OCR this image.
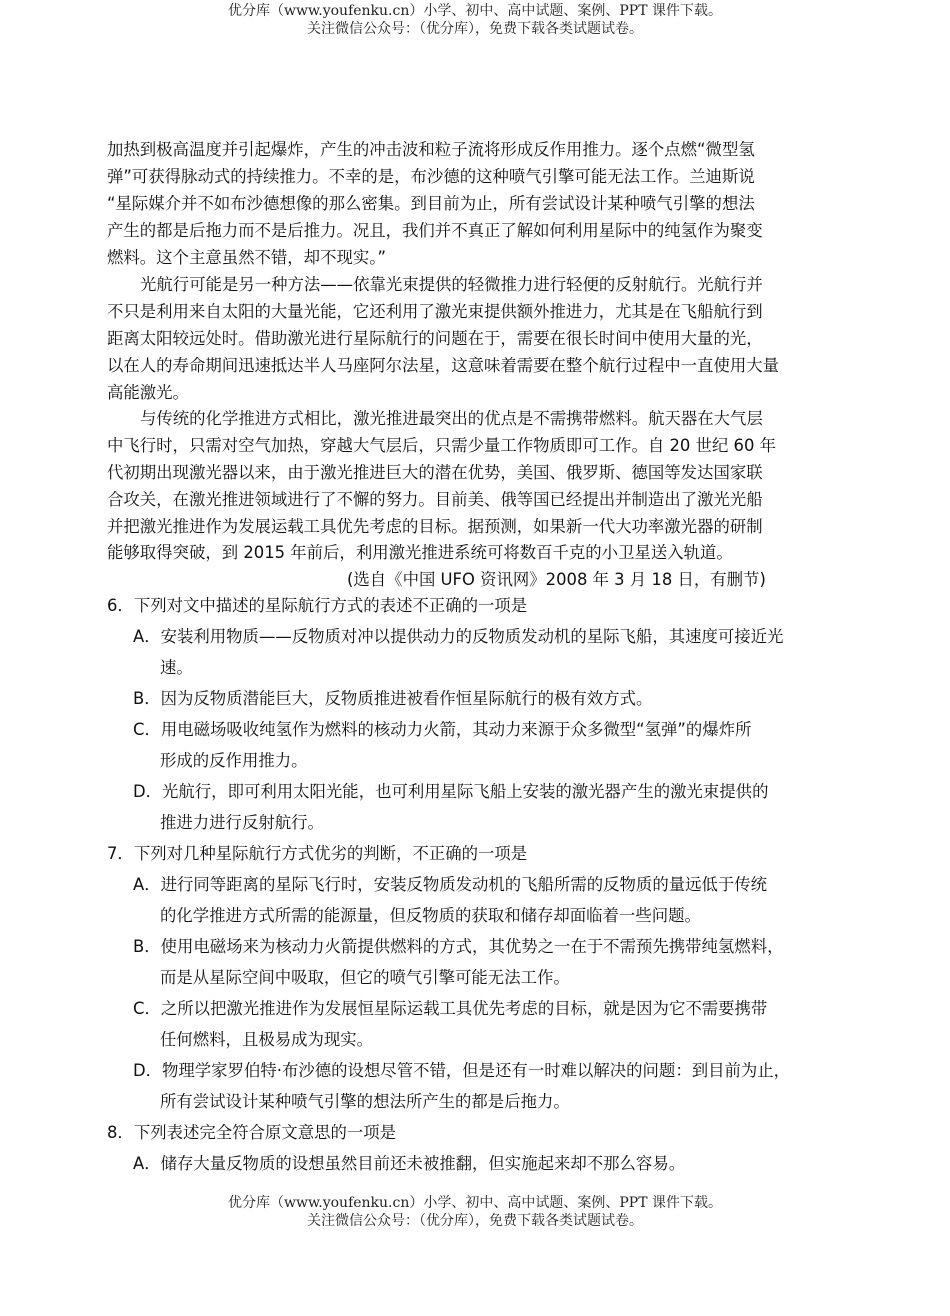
优分库（www.youfenku.cn）小学、初中、高中试题、案例、PPT 课件下载。
关注微信公众号：（优分库），免费下载各类试题试卷。
加热到极高温度并引起爆炸，产生的冲击波和粒子流将形成反作用推力。逐个点燃“微型氢
弹”可获得脉动式的持续推力。不幸的是，布沙德的这种喷气引擎可能无法工作。兰迪斯说
“星际媒介并不如布沙德想像的那么密集。到目前为止，所有尝试设计某种喷气引擎的想法
产生的都是后拖力而不是后推力。况且，我们并不真正了解如何利用星际中的纯氢作为聚变
燃料。这个主意虽然不错，却不现实。”
光航行可能是另一种方法——依靠光束提供的轻微推力进行轻便的反射航行。光航行并
不只是利用来自太阳的大量光能，它还利用了激光束提供额外推进力，尤其是在飞船航行到
距离太阳较远处时。借助激光进行星际航行的问题在于，需要在很长时间中使用大量的光，
以在人的寿命期间迅速抵达半人马座阿尔法星，这意味着需要在整个航行过程中一直使用大量
高能激光。
与传统的化学推进方式相比，激光推进最突出的优点是不需携带燃料。航天器在大气层
中飞行时，只需对空气加热，穿越大气层后，只需少量工作物质即可工作。自 20 世纪 60 年
代初期出现激光器以来，由于激光推进巨大的潜在优势，美国、俄罗斯、德国等发达国家联
合攻关，在激光推进领域进行了不懈的努力。目前美、俄等国已经提出并制造出了激光光船
并把激光推进作为发展运载工具优先考虑的目标。据预测，如果新一代大功率激光器的研制
能够取得突破，到 2015 年前后，利用激光推进系统可将数百千克的小卫星送入轨道。
(选自《中国 UFO 资讯网》2008 年 3 月 18 日，有删节)
6．下列对文中描述的星际航行方式的表述不正确的一项是
A．安装利用物质——反物质对冲以提供动力的反物质发动机的星际飞船，其速度可接近光
速。
B．因为反物质潜能巨大，反物质推进被看作恒星际航行的极有效方式。
C．用电磁场吸收纯氢作为燃料的核动力火箭，其动力来源于众多微型“氢弹”的爆炸所
形成的反作用推力。
D．光航行，即可利用太阳光能，也可利用星际飞船上安装的激光器产生的激光束提供的
推进力进行反射航行。
7．下列对几种星际航行方式优劣的判断，不正确的一项是
A．进行同等距离的星际飞行时，安装反物质发动机的飞船所需的反物质的量远低于传统
的化学推进方式所需的能源量，但反物质的获取和储存却面临着一些问题。
B．使用电磁场来为核动力火箭提供燃料的方式，其优势之一在于不需预先携带纯氢燃料，
而是从星际空间中吸取，但它的喷气引擎可能无法工作。
C．之所以把激光推进作为发展恒星际运载工具优先考虑的目标，就是因为它不需要携带
任何燃料，且极易成为现实。
D．物理学家罗伯特·布沙德的设想尽管不错，但是还有一时难以解决的问题：到目前为止，
所有尝试设计某种喷气引擎的想法所产生的都是后拖力。
8．下列表述完全符合原文意思的一项是
A．储存大量反物质的设想虽然目前还未被推翻，但实施起来却不那么容易。
优分库（www.youfenku.cn）小学、初中、高中试题、案例、PPT 课件下载。
关注微信公众号：（优分库），免费下载各类试题试卷。
